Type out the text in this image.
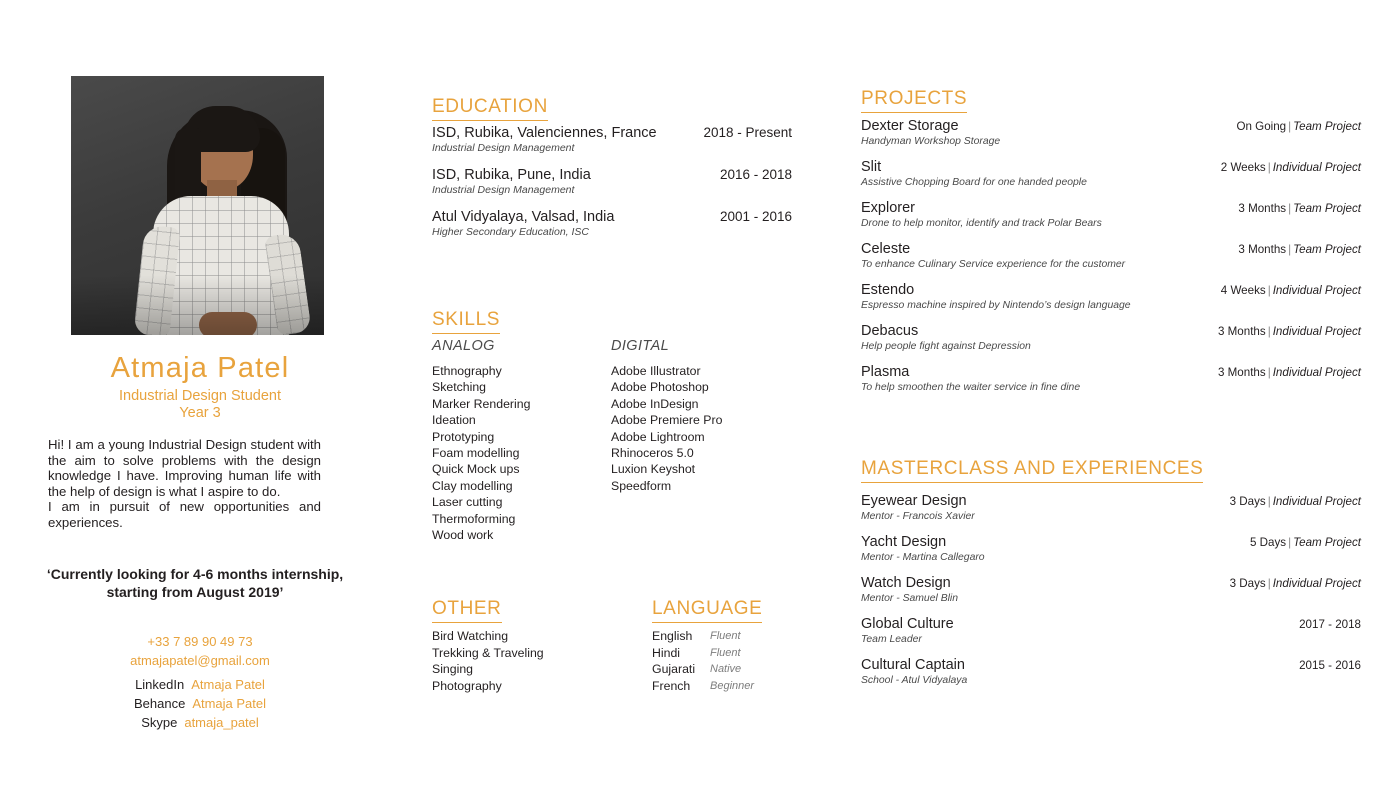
Atmaja Patel
Industrial Design Student
Year 3
Hi! I am a young Industrial Design student with the aim to solve problems with the design knowledge I have. Improving human life with the help of design is what I aspire to do.
I am in pursuit of new opportunities and experiences.
‘Currently looking for 4-6 months internship, starting from August 2019’
+33 7 89 90 49 73
atmajapatel@gmail.com
LinkedIn Atmaja Patel
Behance Atmaja Patel
Skype atmaja_patel
EDUCATION
ISD, Rubika, Valenciennes, France
Industrial Design Management
2018 - Present
ISD, Rubika, Pune, India
Industrial Design Management
2016 - 2018
Atul Vidyalaya, Valsad, India
Higher Secondary Education, ISC
2001 - 2016
SKILLS
ANALOG
Ethnography
Sketching
Marker Rendering
Ideation
Prototyping
Foam modelling
Quick Mock ups
Clay modelling
Laser cutting
Thermoforming
Wood work
DIGITAL
Adobe Illustrator
Adobe Photoshop
Adobe InDesign
Adobe Premiere Pro
Adobe Lightroom
Rhinoceros 5.0
Luxion Keyshot
Speedform
OTHER
Bird Watching
Trekking & Traveling
Singing
Photography
LANGUAGE
English	Fluent
Hindi	Fluent
Gujarati	Native
French	Beginner
PROJECTS
Dexter Storage
Handyman Workshop Storage
On Going | Team Project
Slit
Assistive Chopping Board for one handed people
2 Weeks | Individual Project
Explorer
Drone to help monitor, identify and track Polar Bears
3 Months | Team Project
Celeste
To enhance Culinary Service experience for the customer
3 Months | Team Project
Estendo
Espresso machine inspired by Nintendo’s design language
4 Weeks | Individual Project
Debacus
Help people fight against Depression
3 Months | Individual Project
Plasma
To help smoothen the waiter service in fine dine
3 Months | Individual Project
MASTERCLASS AND EXPERIENCES
Eyewear Design
Mentor - Francois Xavier
3 Days | Individual Project
Yacht Design
Mentor - Martina Callegaro
5 Days | Team Project
Watch Design
Mentor - Samuel Blin
3 Days | Individual Project
Global Culture
Team Leader
2017 - 2018
Cultural Captain
School - Atul Vidyalaya
2015 - 2016
